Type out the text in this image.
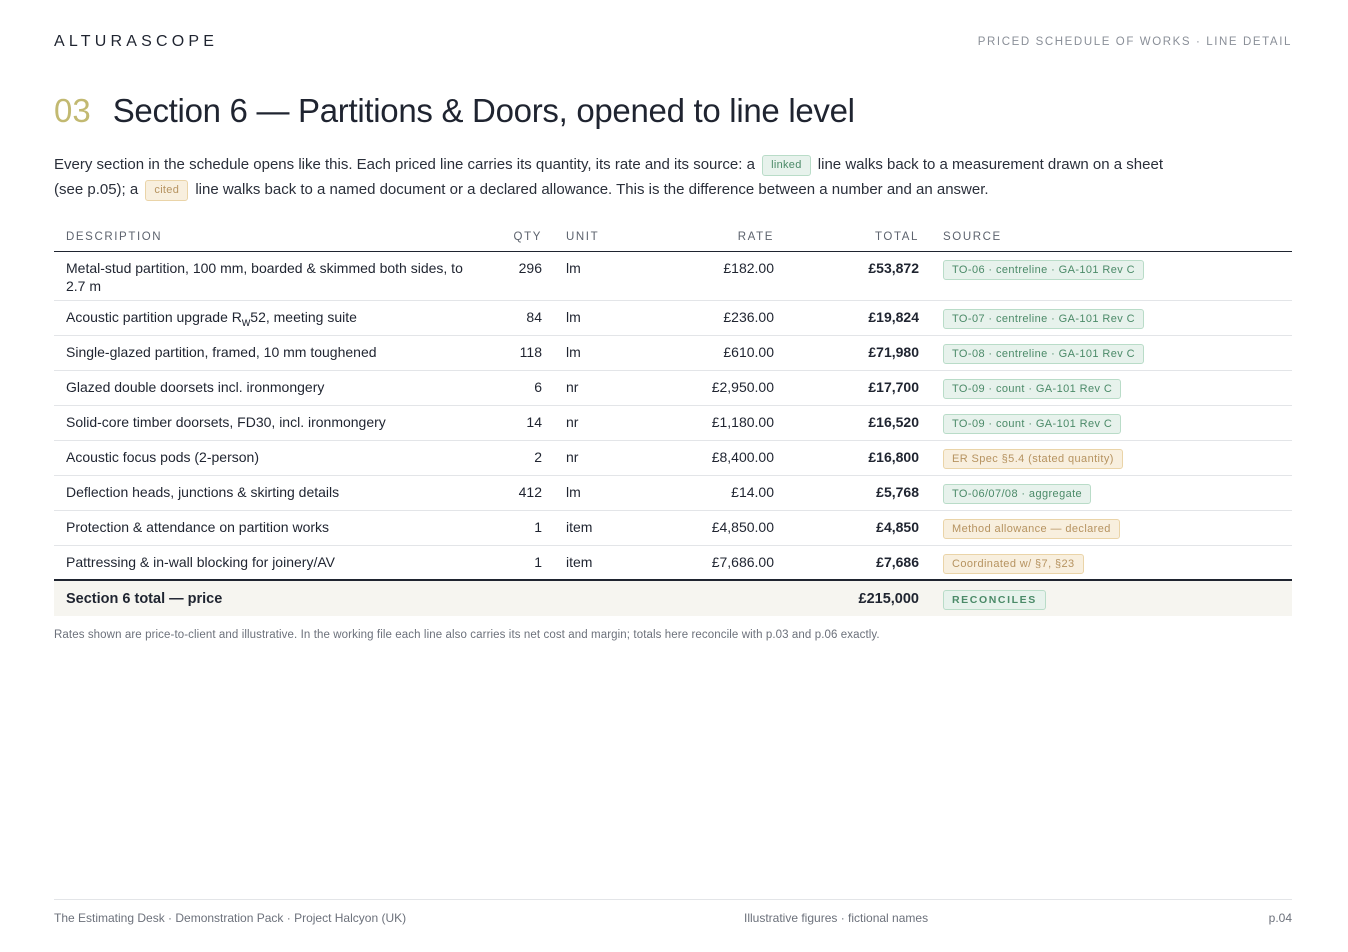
ALTURASCOPE	PRICED SCHEDULE OF WORKS · LINE DETAIL
03 Section 6 — Partitions & Doors, opened to line level

Every section in the schedule opens like this. Each priced line carries its quantity, its rate and its source: a linked line walks back to a measurement drawn on a sheet (see p.05); a cited line walks back to a named document or a declared allowance. This is the difference between a number and an answer.

DESCRIPTION	QTY	UNIT	RATE	TOTAL	SOURCE
Metal-stud partition, 100 mm, boarded & skimmed both sides, to 2.7 m	296	lm	£182.00	£53,872	TO-06 · centreline · GA-101 Rev C
Acoustic partition upgrade $R_w52$, meeting suite	84	lm	£236.00	£19,824	TO-07 · centreline · GA-101 Rev C
Single-glazed partition, framed, 10 mm toughened	118	lm	£610.00	£71,980	TO-08 · centreline · GA-101 Rev C
Glazed double doorsets incl. ironmongery	6	nr	£2,950.00	£17,700	TO-09 · count · GA-101 Rev C
Solid-core timber doorsets, FD30, incl. ironmongery	14	nr	£1,180.00	£16,520	TO-09 · count · GA-101 Rev C
Acoustic focus pods (2-person)	2	nr	£8,400.00	£16,800	ER Spec §5.4 (stated quantity)
Deflection heads, junctions & skirting details	412	lm	£14.00	£5,768	TO-06/07/08 · aggregate
Protection & attendance on partition works	1	item	£4,850.00	£4,850	Method allowance — declared
Pattressing & in-wall blocking for joinery/AV	1	item	£7,686.00	£7,686	Coordinated w/ §7, §23
Section 6 total — price				£215,000	RECONCILES

Rates shown are price-to-client and illustrative. In the working file each line also carries its net cost and margin; totals here reconcile with p.03 and p.06 exactly.

The Estimating Desk · Demonstration Pack · Project Halcyon (UK)	Illustrative figures · fictional names	p.04
